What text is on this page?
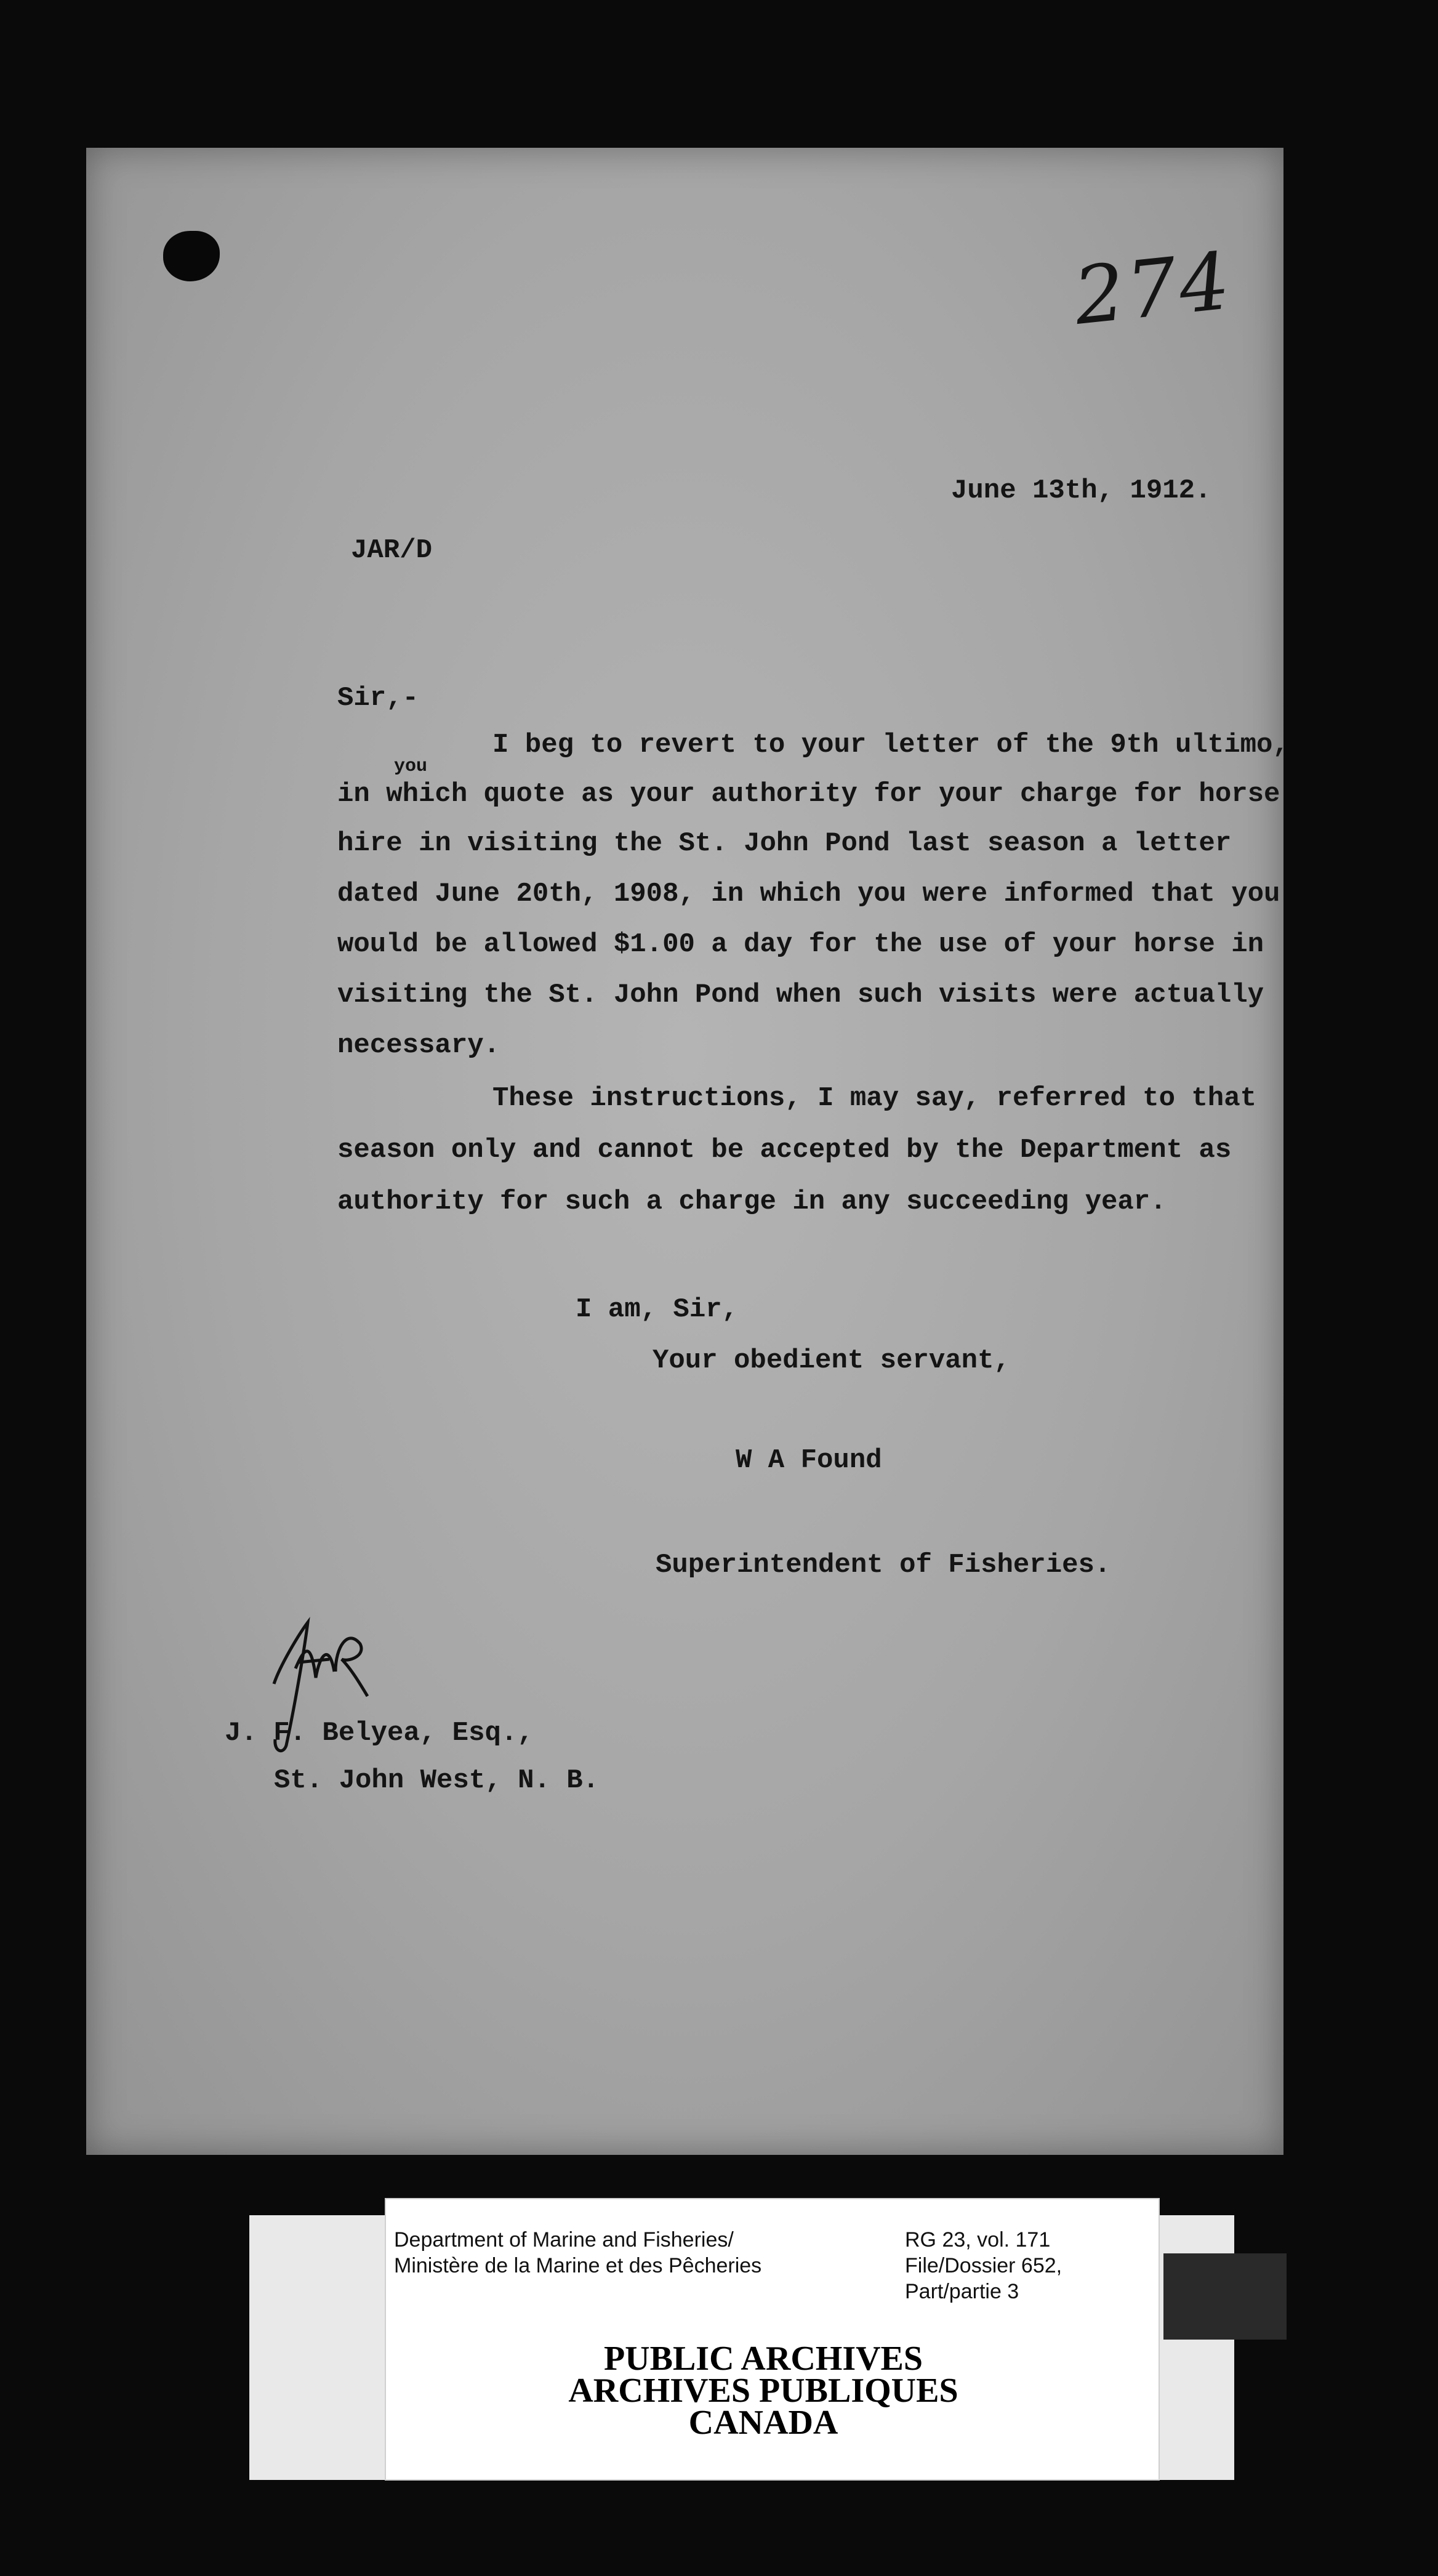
274
June 13th, 1912.
JAR/D
Sir,-
I beg to revert to your letter of the 9th ultimo,
you
in which quote as your authority for your charge for horse
hire in visiting the St. John Pond last season a letter
dated June 20th, 1908, in which you were informed that you
would be allowed $1.00 a day for the use of your horse in
visiting the St. John Pond when such visits were actually
necessary.
These instructions, I may say, referred to that
season only and cannot be accepted by the Department as
authority for such a charge in any succeeding year.
I am, Sir,
Your obedient servant,
W A Found
Superintendent of Fisheries.
J. F. Belyea, Esq.,
St. John West, N. B.
Department of Marine and Fisheries/
Ministère de la Marine et des Pêcheries
RG 23, vol. 171
File/Dossier 652,
Part/partie 3
PUBLIC ARCHIVES
ARCHIVES PUBLIQUES
CANADA
